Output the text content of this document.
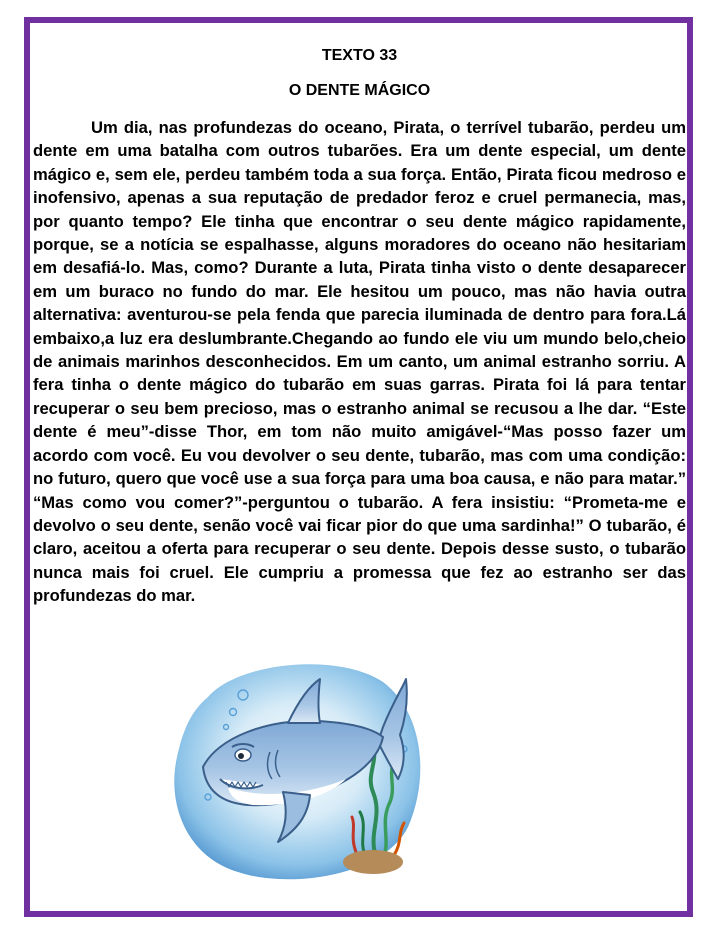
TEXTO 33

O DENTE MÁGICO

Um dia, nas profundezas do oceano, Pirata, o terrível tubarão, perdeu um dente em uma batalha com outros tubarões. Era um dente especial, um dente mágico e, sem ele, perdeu também toda a sua força. Então, Pirata ficou medroso e inofensivo, apenas a sua reputação de predador feroz e cruel permanecia, mas, por quanto tempo? Ele tinha que encontrar o seu dente mágico rapidamente, porque, se a notícia se espalhasse, alguns moradores do oceano não hesitariam em desafiá-lo. Mas, como? Durante a luta, Pirata tinha visto o dente desaparecer em um buraco no fundo do mar. Ele hesitou um pouco, mas não havia outra alternativa: aventurou-se pela fenda que parecia iluminada de dentro para fora.Lá embaixo,a luz era deslumbrante.Chegando ao fundo ele viu um mundo belo,cheio de animais marinhos desconhecidos. Em um canto, um animal estranho sorriu. A fera tinha o dente mágico do tubarão em suas garras. Pirata foi lá para tentar recuperar o seu bem precioso, mas o estranho animal se recusou a lhe dar. “Este dente é meu”-disse Thor, em tom não muito amigável-“Mas posso fazer um acordo com você. Eu vou devolver o seu dente, tubarão, mas com uma condição: no futuro, quero que você use a sua força para uma boa causa, e não para matar.” “Mas como vou comer?”-perguntou o tubarão. A fera insistiu: “Prometa-me e devolvo o seu dente, senão você vai ficar pior do que uma sardinha!” O tubarão, é claro, aceitou a oferta para recuperar o seu dente. Depois desse susto, o tubarão nunca mais foi cruel. Ele cumpriu a promessa que fez ao estranho ser das profundezas do mar.
